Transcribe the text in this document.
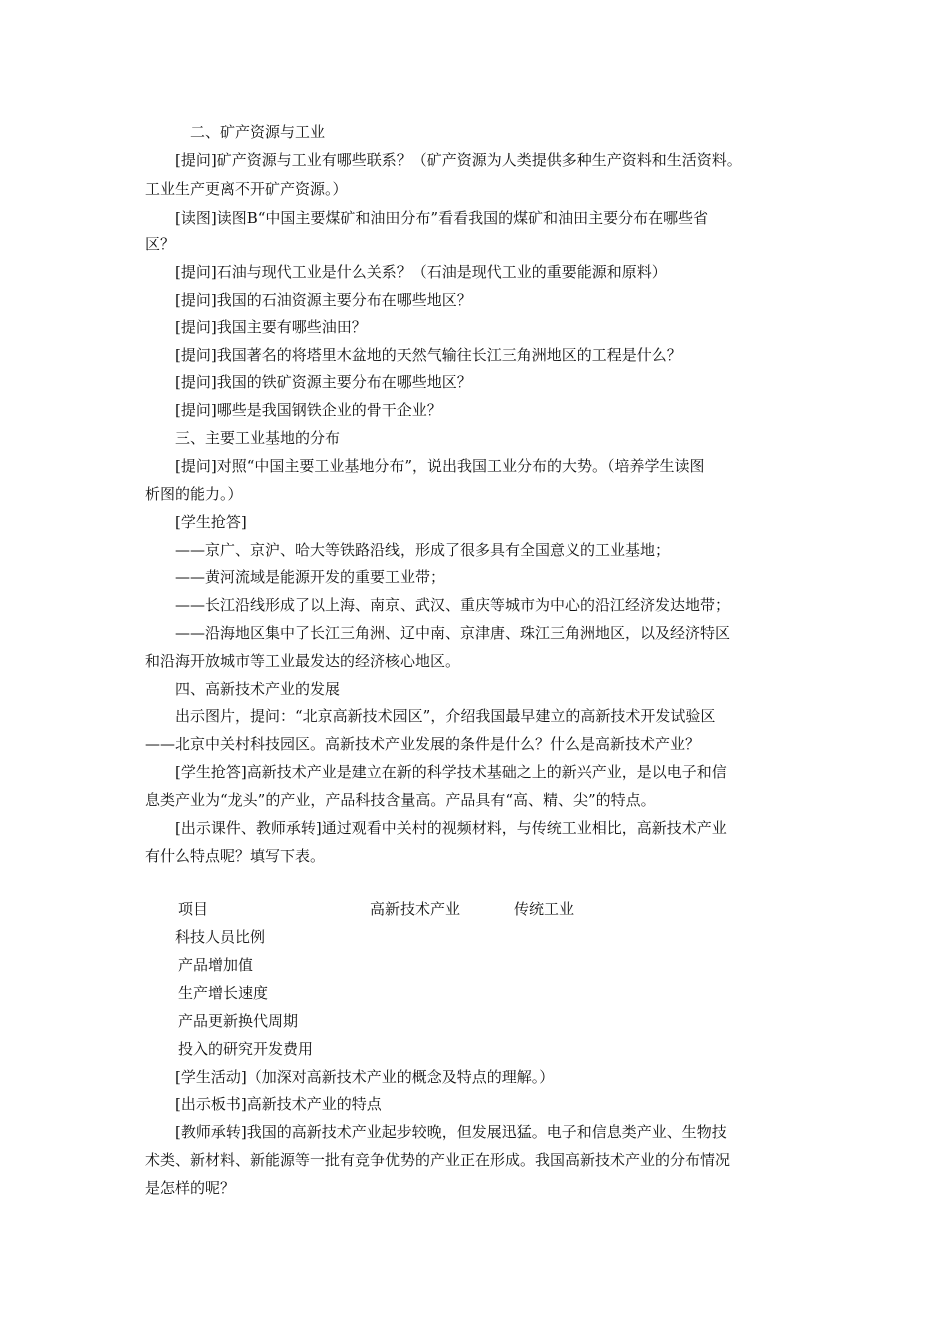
二、矿产资源与工业
[提问]矿产资源与工业有哪些联系？（矿产资源为人类提供多种生产资料和生活资料。
工业生产更离不开矿产资源。）
[读图]读图B“中国主要煤矿和油田分布”看看我国的煤矿和油田主要分布在哪些省
区？
[提问]石油与现代工业是什么关系？（石油是现代工业的重要能源和原料）
[提问]我国的石油资源主要分布在哪些地区？
[提问]我国主要有哪些油田？
[提问]我国著名的将塔里木盆地的天然气输往长江三角洲地区的工程是什么？
[提问]我国的铁矿资源主要分布在哪些地区？
[提问]哪些是我国钢铁企业的骨干企业？
三、主要工业基地的分布
[提问]对照“中国主要工业基地分布”，说出我国工业分布的大势。（培养学生读图
析图的能力。）
[学生抢答]
——京广、京沪、哈大等铁路沿线，形成了很多具有全国意义的工业基地；
——黄河流域是能源开发的重要工业带；
——长江沿线形成了以上海、南京、武汉、重庆等城市为中心的沿江经济发达地带；
——沿海地区集中了长江三角洲、辽中南、京津唐、珠江三角洲地区，以及经济特区
和沿海开放城市等工业最发达的经济核心地区。
四、高新技术产业的发展
出示图片，提问：“北京高新技术园区”，介绍我国最早建立的高新技术开发试验区
——北京中关村科技园区。高新技术产业发展的条件是什么？什么是高新技术产业？
[学生抢答]高新技术产业是建立在新的科学技术基础之上的新兴产业，是以电子和信
息类产业为“龙头”的产业，产品科技含量高。产品具有“高、精、尖”的特点。
[出示课件、教师承转]通过观看中关村的视频材料，与传统工业相比，高新技术产业
有什么特点呢？填写下表。
项目	高新技术产业	传统工业
科技人员比例
产品增加值
生产增长速度
产品更新换代周期
投入的研究开发费用
[学生活动]（加深对高新技术产业的概念及特点的理解。）
[出示板书]高新技术产业的特点
[教师承转]我国的高新技术产业起步较晚，但发展迅猛。电子和信息类产业、生物技
术类、新材料、新能源等一批有竞争优势的产业正在形成。我国高新技术产业的分布情况
是怎样的呢？
